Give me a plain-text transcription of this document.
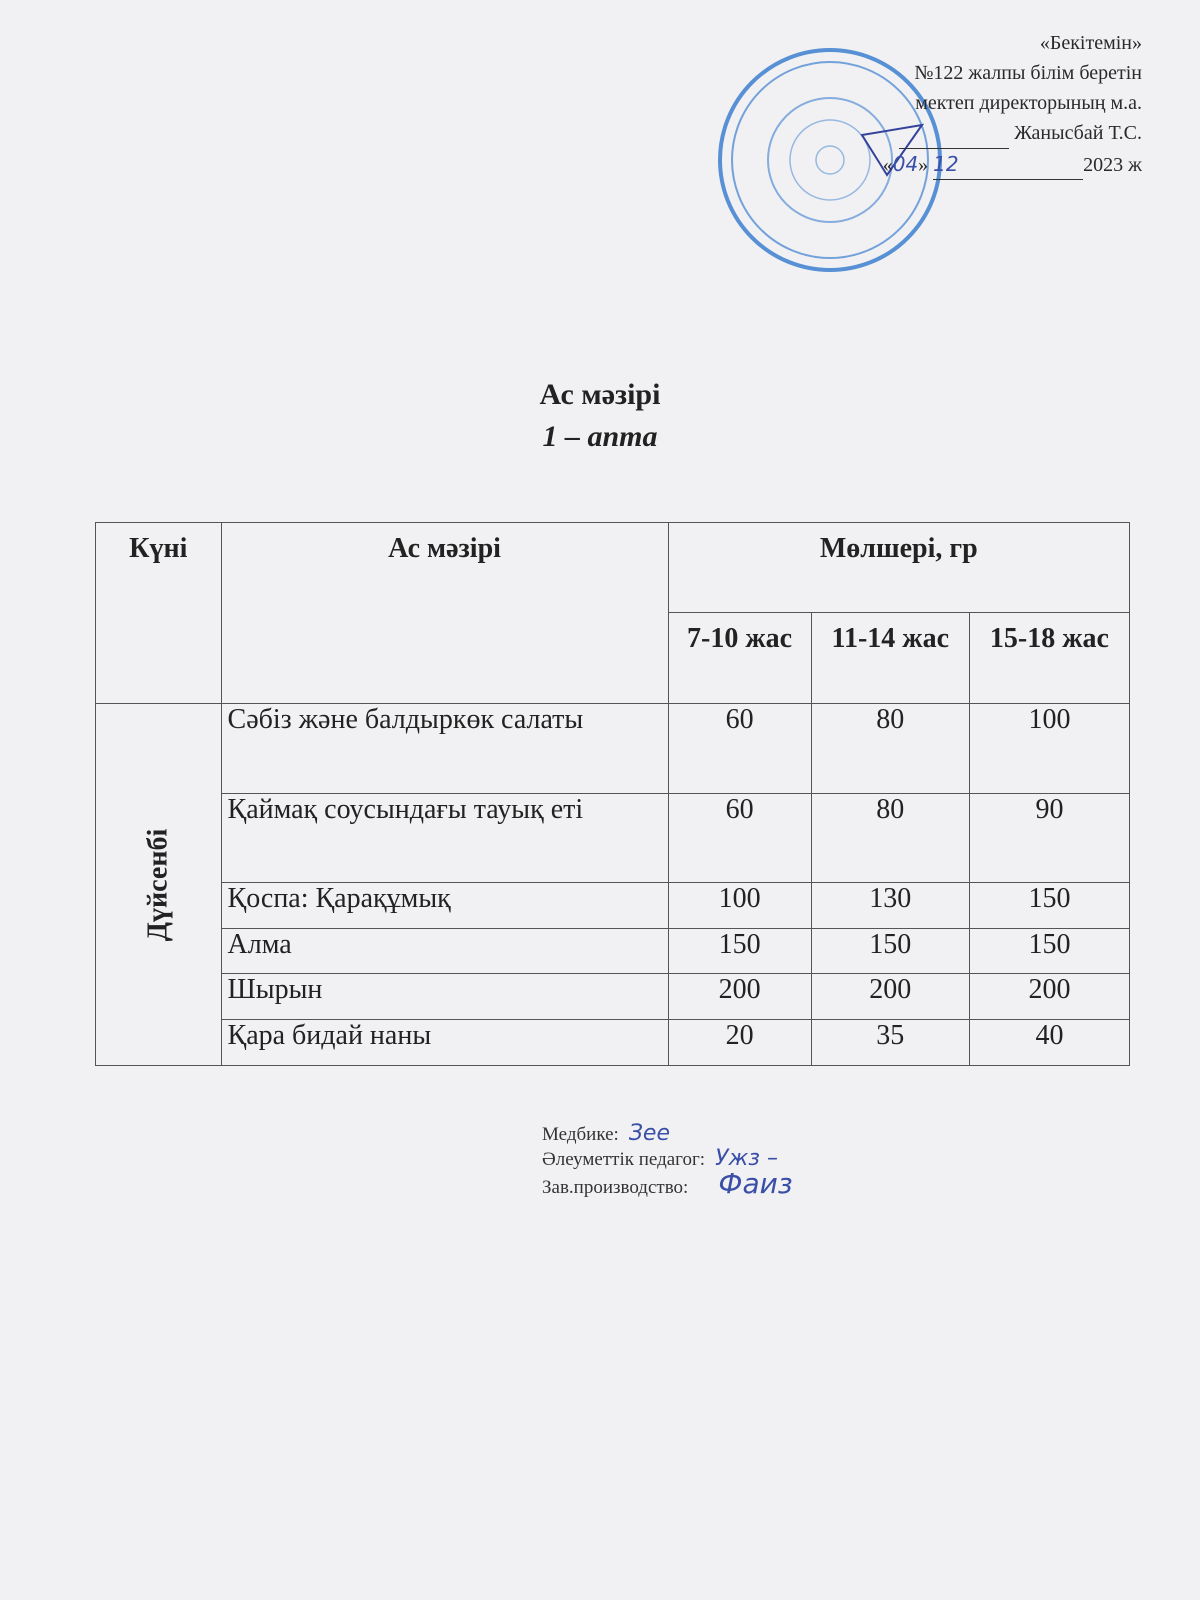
«Бекітемін»
№122 жалпы білім беретін
мектеп директорының м.а.
Жанысбай Т.С.
«04» 12	2023 ж
Ас мәзірі
1 – апта
Күні	Ас мәзірі	Мөлшері, гр		
		7-10 жас	11-14 жас	15-18 жас
Дүйсенбі	Сәбіз және балдыркөк салаты	60	80	100
	Қаймақ соусындағы тауық еті	60	80	90
	Қоспа: Қарақұмық	100	130	150
	Алма	150	150	150
	Шырын	200	200	200
	Қара бидай наны	20	35	40
Медбике: Зее
Әлеуметтік педагог: Ужз –
Зав.производство: Фаиз
